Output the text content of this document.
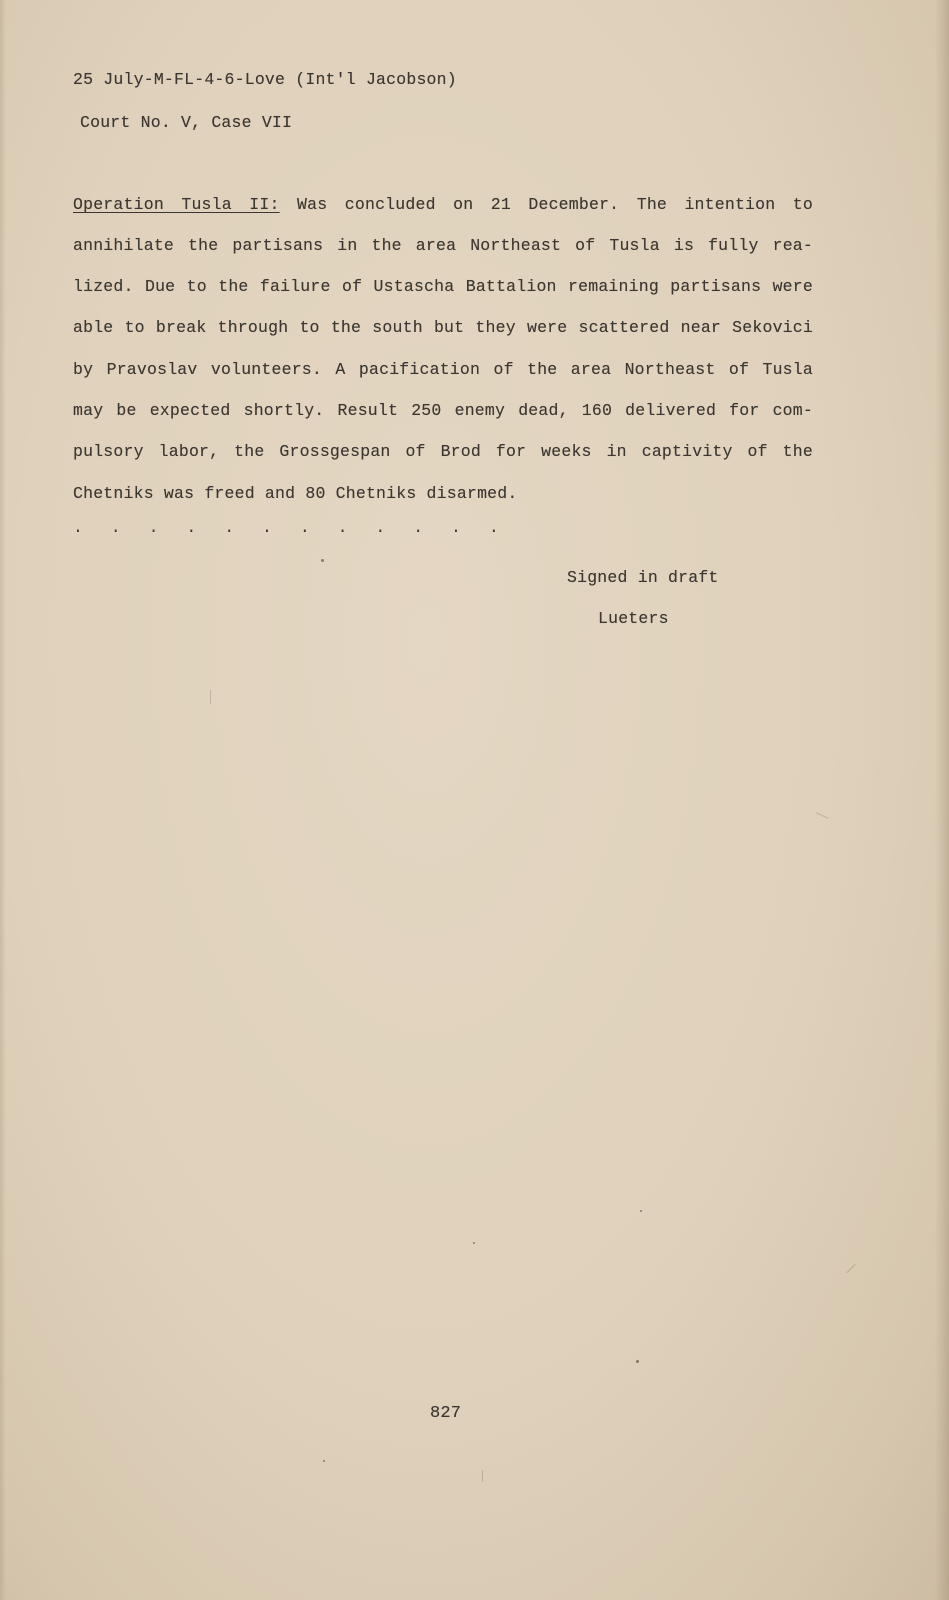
25 July-M-FL-4-6-Love (Int'l Jacobson)
Court No. V, Case VII
Operation Tusla II: Was concluded on 21 December. The intention to
annihilate the partisans in the area Northeast of Tusla is fully rea-
lized. Due to the failure of Ustascha Battalion remaining partisans were
able to break through to the south but they were scattered near Sekovici
by Pravoslav volunteers. A pacification of the area Northeast of Tusla
may be expected shortly. Result 250 enemy dead, 160 delivered for com-
pulsory labor, the Grossgespan of Brod for weeks in captivity of the
Chetniks was freed and 80 Chetniks disarmed.
. . . . . . . . . . . .
Signed in draft
Lueters
827
